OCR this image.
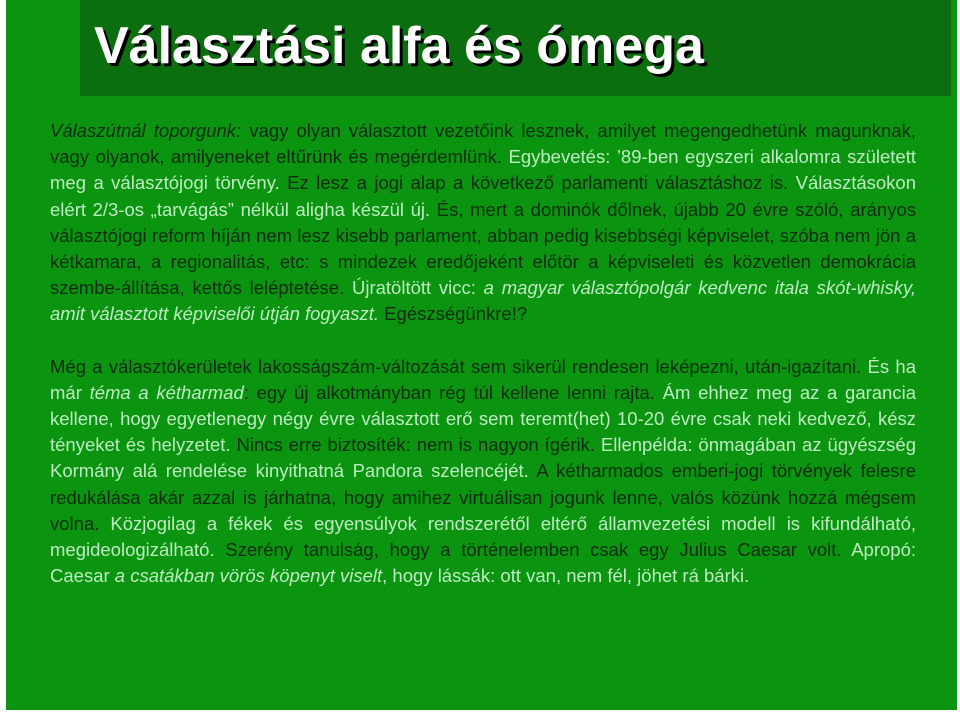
Választási alfa és ómega

Válaszútnál toporgunk: vagy olyan választott vezetőink lesznek, amilyet megengedhetünk magunknak, vagy olyanok, amilyeneket eltűrünk és megérdemlünk. Egybevetés: ’89-ben egyszeri alkalomra született meg a választójogi törvény. Ez lesz a jogi alap a következő parlamenti választáshoz is. Választásokon elért 2/3-os „tarvágás” nélkül aligha készül új. És, mert a dominók dőlnek, újabb 20 évre szóló, arányos választójogi reform híján nem lesz kisebb parlament, abban pedig kisebbségi képviselet, szóba nem jön a kétkamara, a regionalitás, etc: s mindezek eredőjeként előtör a képviseleti és közvetlen demokrácia szembe-állítása, kettős leléptetése. Újratöltött vicc: a magyar választópolgár kedvenc itala skót-whisky, amit választott képviselői útján fogyaszt. Egészségünkre!?

Még a választókerületek lakosságszám-változását sem sikerül rendesen leképezni, után-igazítani. És ha már téma a kétharmad: egy új alkotmányban rég túl kellene lenni rajta. Ám ehhez meg az a garancia kellene, hogy egyetlenegy négy évre választott erő sem teremt(het) 10-20 évre csak neki kedvező, kész tényeket és helyzetet. Nincs erre biztosíték: nem is nagyon ígérik. Ellenpélda: önmagában az ügyészség Kormány alá rendelése kinyithatná Pandora szelencéjét. A kétharmados emberi-jogi törvények felesre redukálása akár azzal is járhatna, hogy amihez virtuálisan jogunk lenne, valós közünk hozzá mégsem volna. Közjogilag a fékek és egyensúlyok rendszerétől eltérő államvezetési modell is kifundálható, megideologizálható. Szerény tanulság, hogy a történelemben csak egy Julius Caesar volt. Apropó: Caesar a csatákban vörös köpenyt viselt, hogy lássák: ott van, nem fél, jöhet rá bárki.
